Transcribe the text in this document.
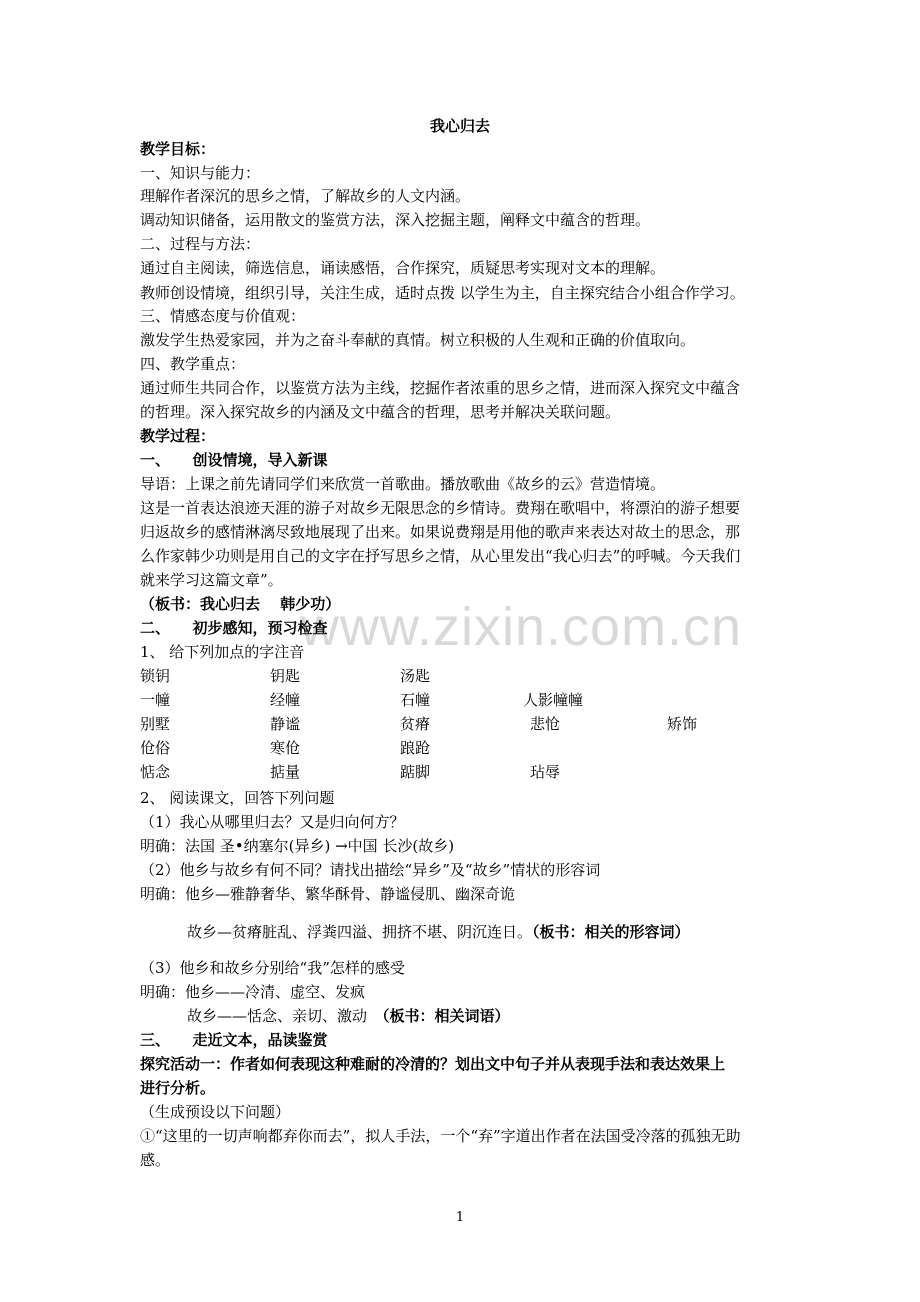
www.zixin.com.cn
我心归去
教学目标：
一、知识与能力：
理解作者深沉的思乡之情，了解故乡的人文内涵。
调动知识储备，运用散文的鉴赏方法，深入挖掘主题，阐释文中蕴含的哲理。
二、过程与方法：
通过自主阅读，筛选信息，诵读感悟，合作探究，质疑思考实现对文本的理解。
教师创设情境，组织引导，关注生成，适时点拨 以学生为主，自主探究结合小组合作学习。
三、情感态度与价值观：
激发学生热爱家园，并为之奋斗奉献的真情。树立积极的人生观和正确的价值取向。
四、教学重点：
通过师生共同合作，以鉴赏方法为主线，挖掘作者浓重的思乡之情，进而深入探究文中蕴含
的哲理。深入探究故乡的内涵及文中蕴含的哲理，思考并解决关联问题。
教学过程：
一、　　创设情境，导入新课
导语：上课之前先请同学们来欣赏一首歌曲。播放歌曲《故乡的云》营造情境。
这是一首表达浪迹天涯的游子对故乡无限思念的乡情诗。费翔在歌唱中，将漂泊的游子想要
归返故乡的感情淋漓尽致地展现了出来。如果说费翔是用他的歌声来表达对故土的思念，那
么作家韩少功则是用自己的文字在抒写思乡之情，从心里发出“我心归去”的呼喊。今天我们
就来学习这篇文章”。
（板书：我心归去　 韩少功）
二、　　初步感知，预习检查
1、 给下列加点的字注音
锁钥	钥匙	汤匙
一幢	经幢	石幢	人影幢幢
别墅	静谧	贫瘠	悲怆	矫饰
伧俗	寒伧	踉跄
惦念	掂量	踮脚	玷辱
2、 阅读课文，回答下列问题
（1）我心从哪里归去？又是归向何方？
明确：法国 圣•纳塞尔(异乡) →中国 长沙(故乡)
（2）他乡与故乡有何不同？请找出描绘“异乡”及“故乡”情状的形容词
明确：他乡—雅静奢华、繁华酥骨、静谧侵肌、幽深奇诡
故乡—贫瘠脏乱、浮粪四溢、拥挤不堪、阴沉连日。（板书：相关的形容词）
（3）他乡和故乡分别给“我”怎样的感受
明确：他乡——冷清、虚空、发疯
故乡——恬念、亲切、激动　 （板书：相关词语）
三、　　走近文本，品读鉴赏
探究活动一：作者如何表现这种难耐的冷清的？划出文中句子并从表现手法和表达效果上
进行分析。
（生成预设以下问题）
①“这里的一切声响都弃你而去”，拟人手法，一个“弃”字道出作者在法国受冷落的孤独无助
感。
1
